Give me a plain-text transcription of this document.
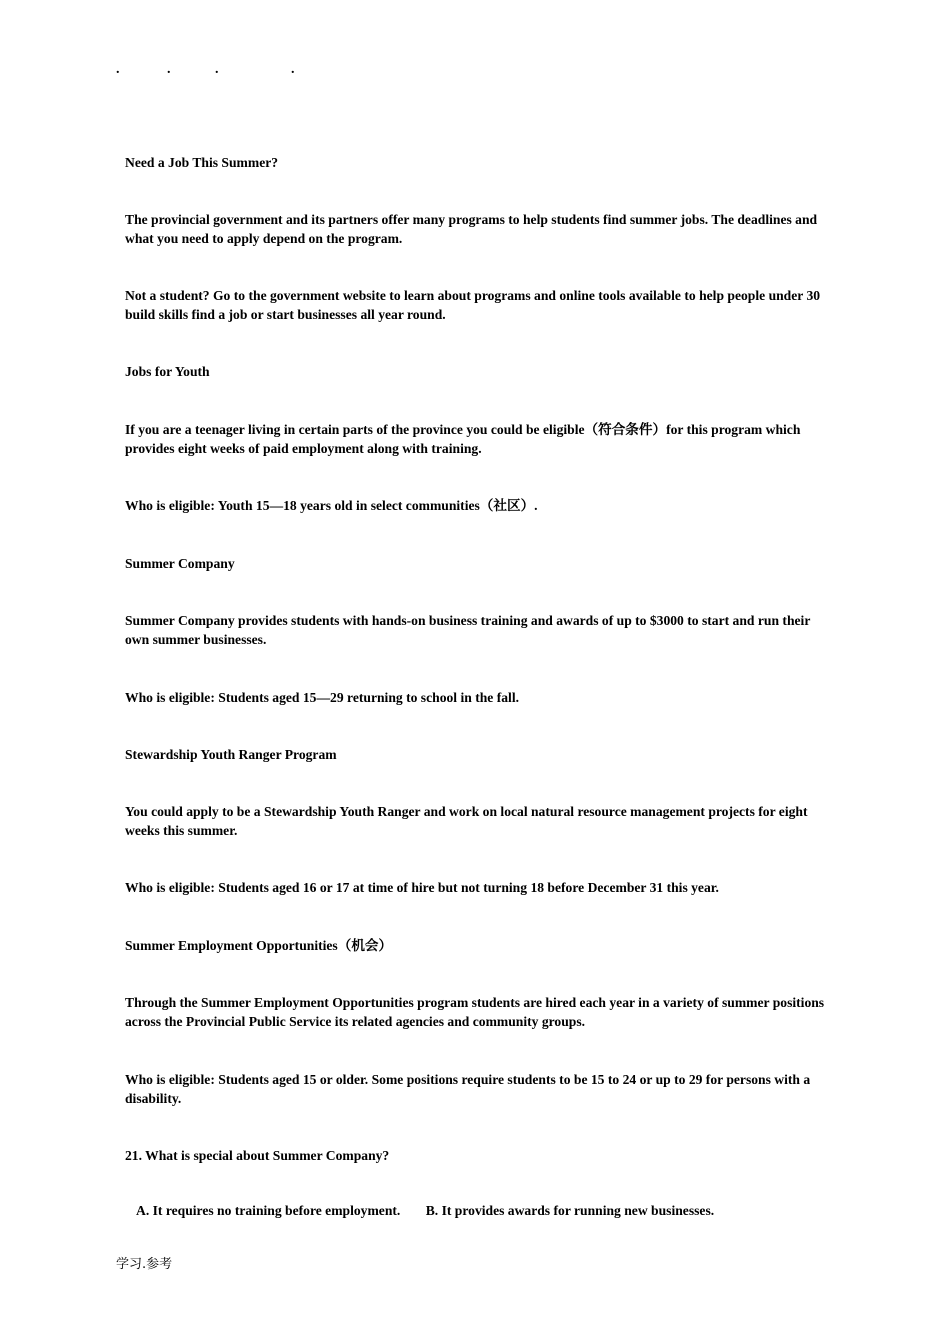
.	.	.	.

Need a Job This Summer?

The provincial government and its partners offer many programs to help students find summer jobs. The deadlines and what you need to apply depend on the program.

Not a student? Go to the government website to learn about programs and online tools available to help people under 30 build skills find a job or start businesses all year round.

Jobs for Youth

If you are a teenager living in certain parts of the province you could be eligible（符合条件）for this program which provides eight weeks of paid employment along with training.

Who is eligible: Youth 15—18 years old in select communities（社区）.

Summer Company

Summer Company provides students with hands-on business training and awards of up to $3000 to start and run their own summer businesses.

Who is eligible: Students aged 15—29 returning to school in the fall.

Stewardship Youth Ranger Program

You could apply to be a Stewardship Youth Ranger and work on local natural resource management projects for eight weeks this summer.

Who is eligible: Students aged 16 or 17 at time of hire but not turning 18 before December 31 this year.

Summer Employment Opportunities（机会）

Through the Summer Employment Opportunities program students are hired each year in a variety of summer positions across the Provincial Public Service its related agencies and community groups.

Who is eligible: Students aged 15 or older. Some positions require students to be 15 to 24 or up to 29 for persons with a disability.

21. What is special about Summer Company?

A. It requires no training before employment. B. It provides awards for running new businesses.
学习.参考
